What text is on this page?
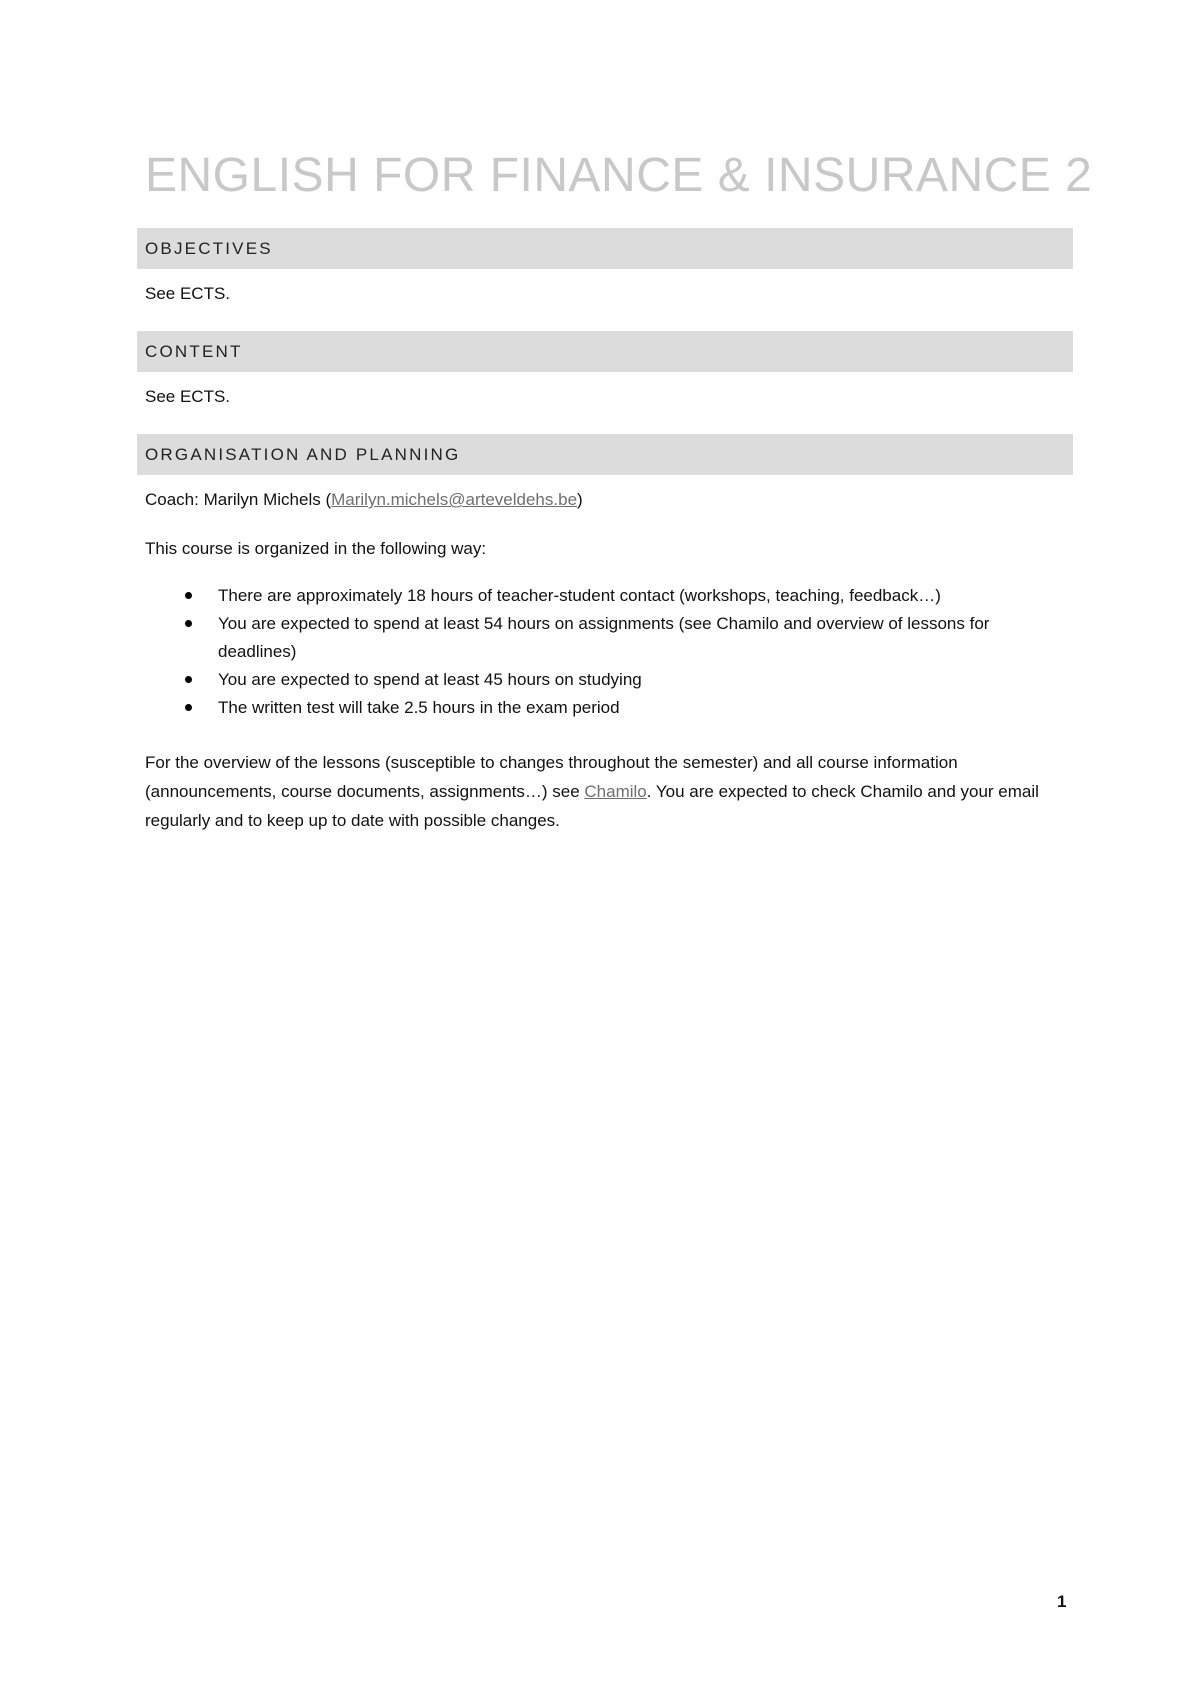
ENGLISH FOR FINANCE & INSURANCE 2
OBJECTIVES

See ECTS.

CONTENT

See ECTS.

ORGANISATION AND PLANNING

Coach: Marilyn Michels (Marilyn.michels@arteveldehs.be)

This course is organized in the following way:

There are approximately 18 hours of teacher-student contact (workshops, teaching, feedback…)
You are expected to spend at least 54 hours on assignments (see Chamilo and overview of lessons for deadlines)
You are expected to spend at least 45 hours on studying
The written test will take 2.5 hours in the exam period

For the overview of the lessons (susceptible to changes throughout the semester) and all course information (announcements, course documents, assignments…) see Chamilo. You are expected to check Chamilo and your email regularly and to keep up to date with possible changes.

1
